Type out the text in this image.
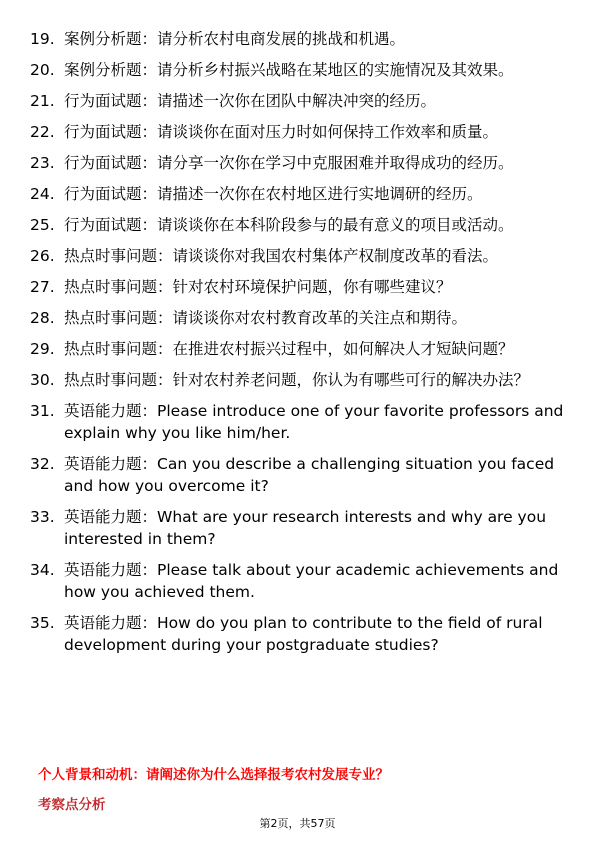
19. 案例分析题：请分析农村电商发展的挑战和机遇。
20. 案例分析题：请分析乡村振兴战略在某地区的实施情况及其效果。
21. 行为面试题：请描述一次你在团队中解决冲突的经历。
22. 行为面试题：请谈谈你在面对压力时如何保持工作效率和质量。
23. 行为面试题：请分享一次你在学习中克服困难并取得成功的经历。
24. 行为面试题：请描述一次你在农村地区进行实地调研的经历。
25. 行为面试题：请谈谈你在本科阶段参与的最有意义的项目或活动。
26. 热点时事问题：请谈谈你对我国农村集体产权制度改革的看法。
27. 热点时事问题：针对农村环境保护问题，你有哪些建议？
28. 热点时事问题：请谈谈你对农村教育改革的关注点和期待。
29. 热点时事问题：在推进农村振兴过程中，如何解决人才短缺问题？
30. 热点时事问题：针对农村养老问题，你认为有哪些可行的解决办法？
31. 英语能力题：Please introduce one of your favorite professors and explain why you like him/her.
32. 英语能力题：Can you describe a challenging situation you faced and how you overcome it?
33. 英语能力题：What are your research interests and why are you interested in them?
34. 英语能力题：Please talk about your academic achievements and how you achieved them.
35. 英语能力题：How do you plan to contribute to the field of rural development during your postgraduate studies?
个人背景和动机：请阐述你为什么选择报考农村发展专业？
考察点分析
第2页，共57页
